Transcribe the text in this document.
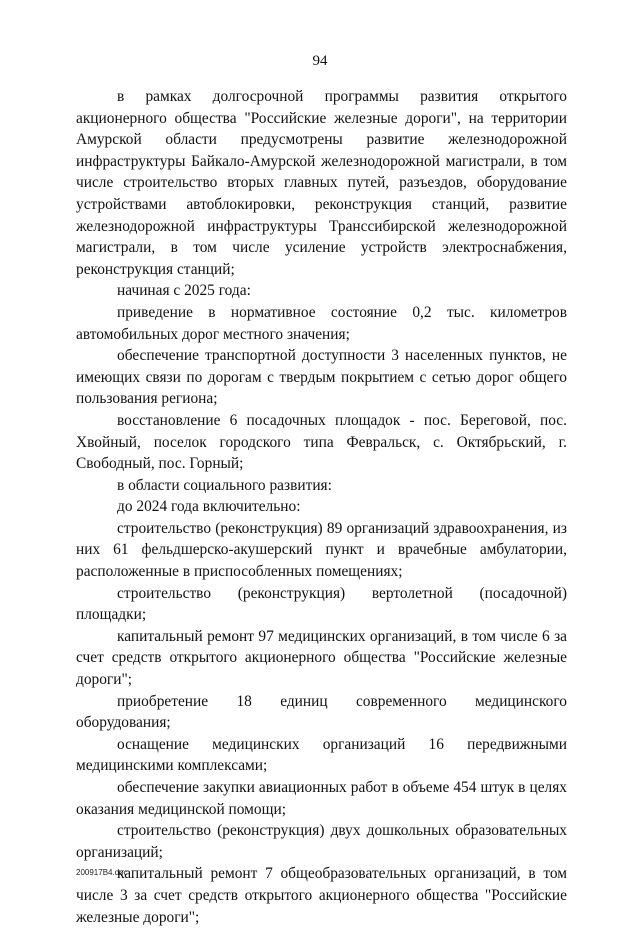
94

в рамках долгосрочной программы развития открытого акционерного общества "Российские железные дороги", на территории Амурской области предусмотрены развитие железнодорожной инфраструктуры Байкало-Амурской железнодорожной магистрали, в том числе строительство вторых главных путей, разъездов, оборудование устройствами автоблокировки, реконструкция станций, развитие железнодорожной инфраструктуры Транссибирской железнодорожной магистрали, в том числе усиление устройств электроснабжения, реконструкция станций;

начиная с 2025 года:

приведение в нормативное состояние 0,2 тыс. километров автомобильных дорог местного значения;

обеспечение транспортной доступности 3 населенных пунктов, не имеющих связи по дорогам с твердым покрытием с сетью дорог общего пользования региона;

восстановление 6 посадочных площадок - пос. Береговой, пос. Хвойный, поселок городского типа Февральск, с. Октябрьский, г. Свободный, пос. Горный;

в области социального развития:

до 2024 года включительно:

строительство (реконструкция) 89 организаций здравоохранения, из них 61 фельдшерско-акушерский пункт и врачебные амбулатории, расположенные в приспособленных помещениях;

строительство (реконструкция) вертолетной (посадочной) площадки;

капитальный ремонт 97 медицинских организаций, в том числе 6 за счет средств открытого акционерного общества "Российские железные дороги";

приобретение 18 единиц современного медицинского оборудования;

оснащение медицинских организаций 16 передвижными медицинскими комплексами;

обеспечение закупки авиационных работ в объеме 454 штук в целях оказания медицинской помощи;

строительство (реконструкция) двух дошкольных образовательных организаций;

капитальный ремонт 7 общеобразовательных организаций, в том числе 3 за счет средств открытого акционерного общества "Российские железные дороги";

200917В4.doc
